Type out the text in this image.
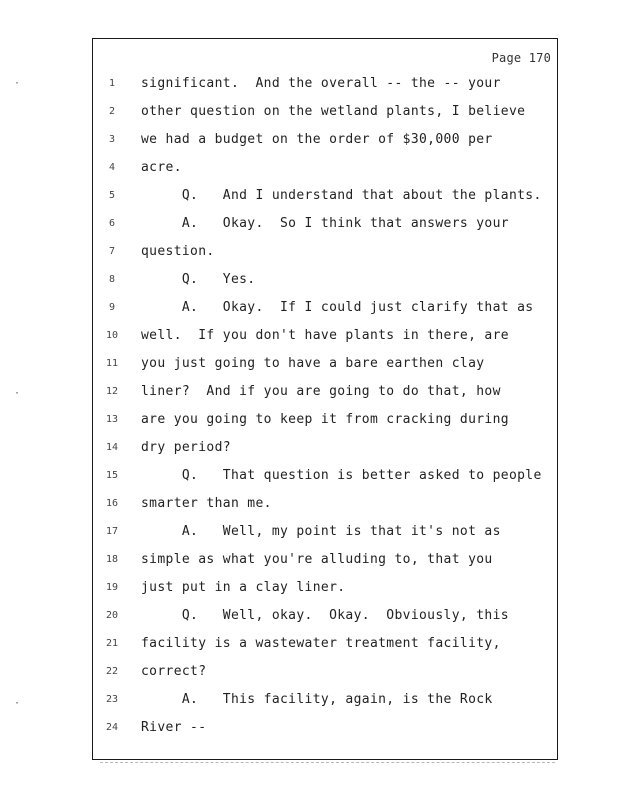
Page 170
1	significant.  And the overall -- the -- your
2	other question on the wetland plants, I believe
3	we had a budget on the order of $30,000 per
4	acre.
5	Q.   And I understand that about the plants.
6	A.   Okay.  So I think that answers your
7	question.
8	Q.   Yes.
9	A.   Okay.  If I could just clarify that as
10	well.  If you don't have plants in there, are
11	you just going to have a bare earthen clay
12	liner?  And if you are going to do that, how
13	are you going to keep it from cracking during
14	dry period?
15	Q.   That question is better asked to people
16	smarter than me.
17	A.   Well, my point is that it's not as
18	simple as what you're alluding to, that you
19	just put in a clay liner.
20	Q.   Well, okay.  Okay.  Obviously, this
21	facility is a wastewater treatment facility,
22	correct?
23	A.   This facility, again, is the Rock
24	River --
·
·
·
